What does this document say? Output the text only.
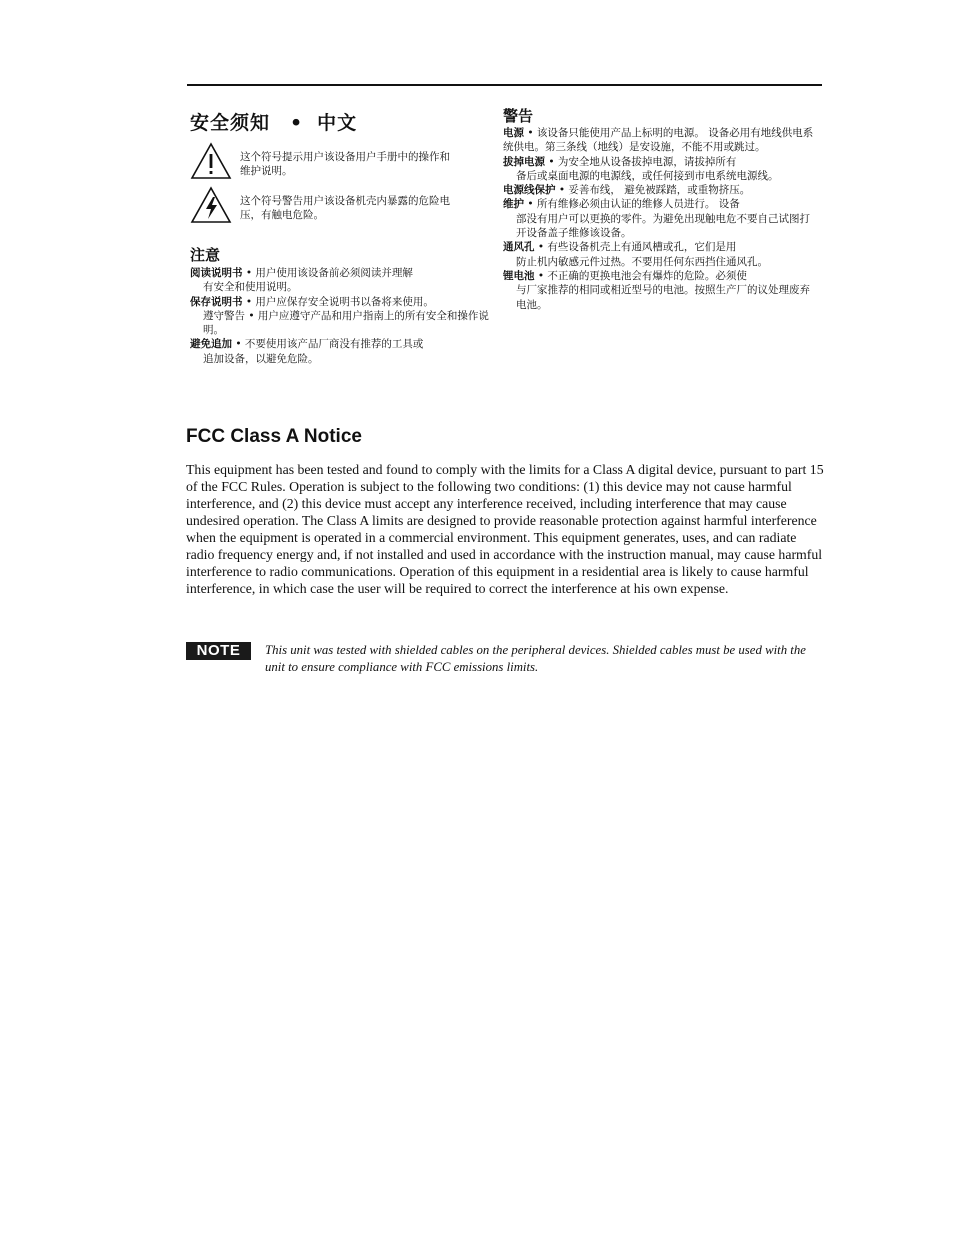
安全须知 • 中文
这个符号提示用户该设备用户手册中的操作和维护说明。
这个符号警告用户该设备机壳内暴露的危险电压，有触电危险。
注意

阅读说明书 • 用户使用该设备前必须阅读并理解
有安全和使用说明。

保存说明书 • 用户应保存安全说明书以备将来使用。
遵守警告 • 用户应遵守产品和用户指南上的所有安全和操作说明。

避免追加 • 不要使用该产品厂商没有推荐的工具或
追加设备，以避免危险。

警告

电源 • 该设备只能使用产品上标明的电源。 设备必用有地线供电系统供电。第三条线（地线）是安设施，不能不用或跳过。

拔掉电源 • 为安全地从设备拔掉电源，请拔掉所有
备后或桌面电源的电源线，或任何接到市电系统电源线。

电源线保护 • 妥善布线， 避免被踩踏，或重物挤压。

维护 • 所有维修必须由认证的维修人员进行。 设备
部没有用户可以更换的零件。为避免出现触电危不要自己试图打开设备盖子维修该设备。

通风孔 • 有些设备机壳上有通风槽或孔，它们是用
防止机内敏感元件过热。不要用任何东西挡住通风孔。

锂电池 • 不正确的更换电池会有爆炸的危险。必须使
与厂家推荐的相同或相近型号的电池。按照生产厂的议处理废弃电池。

FCC Class A Notice

This equipment has been tested and found to comply with the limits for a Class A digital device, pursuant to part 15 of the FCC Rules. Operation is subject to the following two conditions: (1) this device may not cause harmful interference, and (2) this device must accept any interference received, including interference that may cause undesired operation. The Class A limits are designed to provide reasonable protection against harmful interference when the equipment is operated in a commercial environment. This equipment generates, uses, and can radiate radio frequency energy and, if not installed and used in accordance with the instruction manual, may cause harmful interference to radio communications. Operation of this equipment in a residential area is likely to cause harmful interference, in which case the user will be required to correct the interference at his own expense.

NOTE	This unit was tested with shielded cables on the peripheral devices. Shielded cables must be used with the unit to ensure compliance with FCC emissions limits.
